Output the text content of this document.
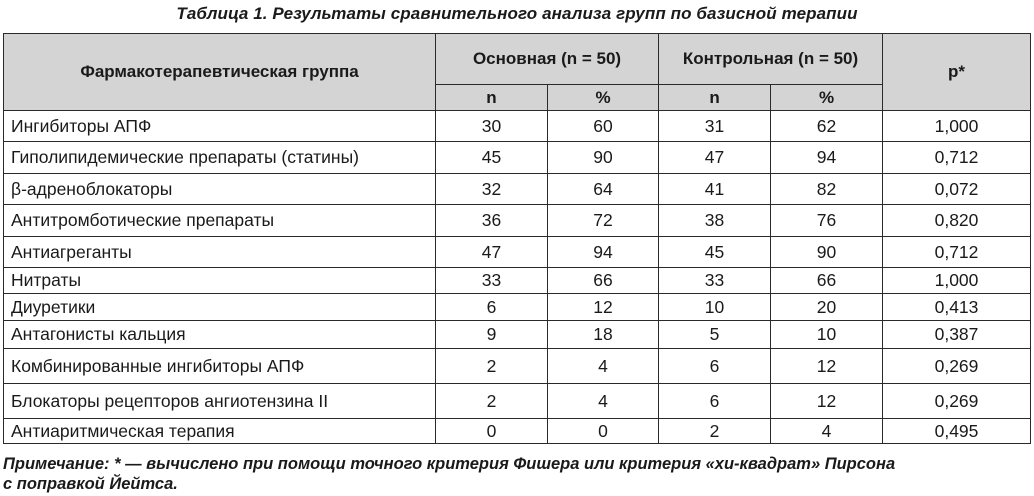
Таблица 1. Результаты сравнительного анализа групп по базисной терапии
Фармакотерапевтическая группа	Основная (n = 50)		Контрольная (n = 50)		p*
	n	%	n	%	
Ингибиторы АПФ	30	60	31	62	1,000
Гиполипидемические препараты (статины)	45	90	47	94	0,712
β-адреноблокаторы	32	64	41	82	0,072
Антитромботические препараты	36	72	38	76	0,820
Антиагреганты	47	94	45	90	0,712
Нитраты	33	66	33	66	1,000
Диуретики	6	12	10	20	0,413
Антагонисты кальция	9	18	5	10	0,387
Комбинированные ингибиторы АПФ	2	4	6	12	0,269
Блокаторы рецепторов ангиотензина II	2	4	6	12	0,269
Антиаритмическая терапия	0	0	2	4	0,495
Примечание: * — вычислено при помощи точного критерия Фишера или критерия «хи-квадрат» Пирсона
с поправкой Йейтса.
